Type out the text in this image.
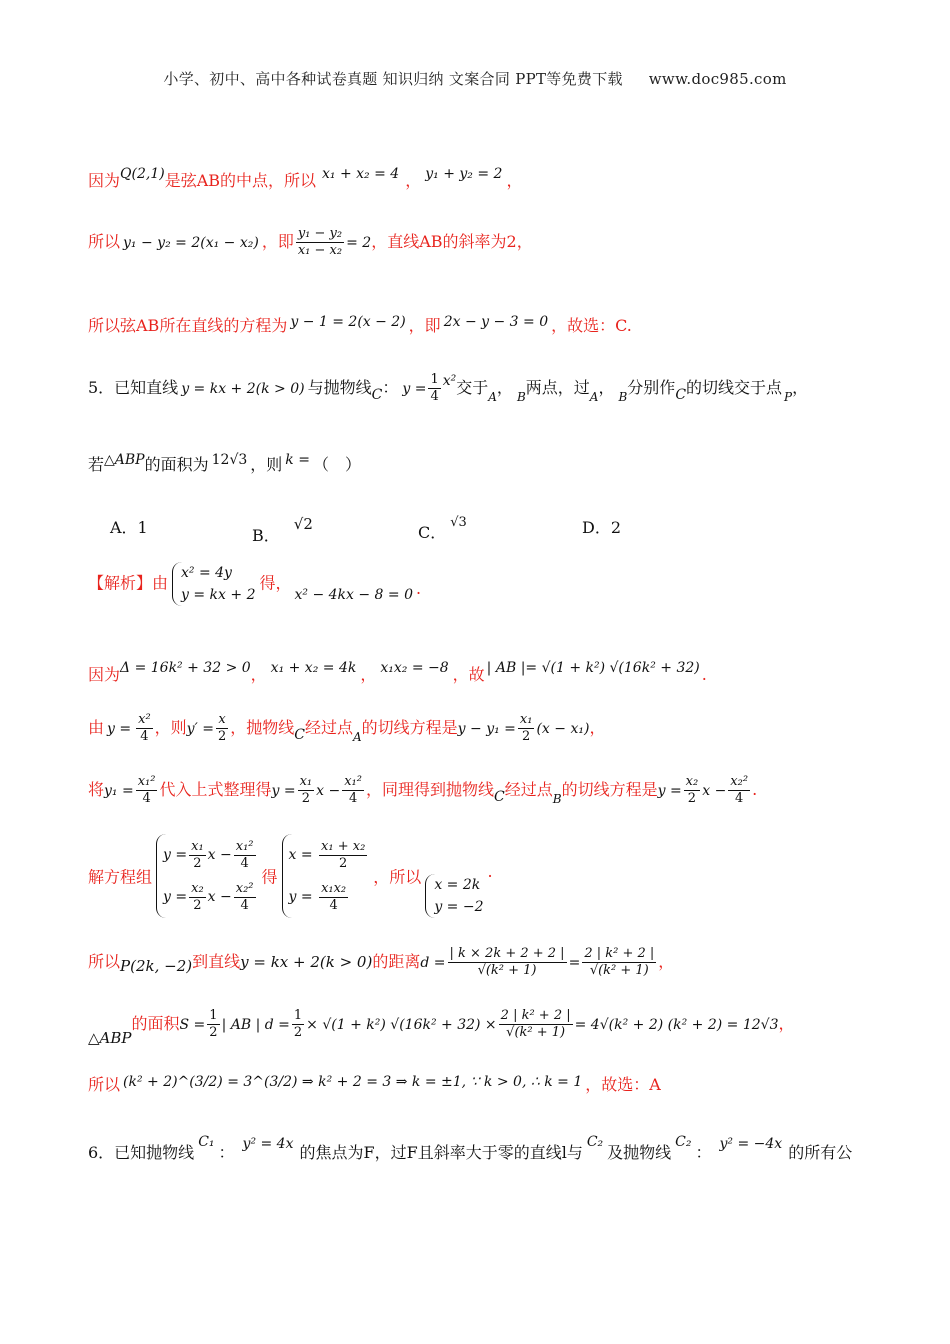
小学、初中、高中各种试卷真题 知识归纳 文案合同 PPT等免费下载 www.doc985.com
因为Q(2,1)是弦AB的中点，所以 x₁ + x₂ = 4 ， y₁ + y₂ = 2 ，
所以 y₁ − y₂ = 2(x₁ − x₂) ，即 $\frac{\text{y₁ − y₂}}{\text{x₁ − x₂}} = 2$，直线AB的斜率为2，
所以弦AB所在直线的方程为 y − 1 = 2(x − 2) ，即 2x − y − 3 = 0 ，故选：C.
5．已知直线 y = kx + 2(k > 0) 与抛物线C： $y = \frac{1}{4} x^2$交于$_A$， $_B$两点，过$_A$， $_B$分别作C的切线交于点 $_P$，
若△ABP的面积为 12√3 ，则 k = （　）
A．1	B．√2	C．$^{√3}$	D．2
【解析】由
x² = 4y
y = kx + 2
得，x² − 4kx − 8 = 0 ·
因为Δ = 16k² + 32 > 0， x₁ + x₂ = 4k ， x₁x₂ = −8 ，故 | AB |= √(1 + k²) √(16k² + 32) .
由 $y = \frac{\text{x²}}{4}$ ，则$y' = \frac{x}{2}$ ，抛物线C经过点$_A$的切线方程是$y - y_1 = \frac{\text{x₁}}{2} (x - x_1)$，
将$y_1 = \frac{\text{x₁²}}{4}$ 代入上式整理得$y = \frac{\text{x₁}}{2}$ $x - \frac{\text{x₁²}}{4}$ ，同理得到抛物线C经过点$_B$的切线方程是$y = \frac{\text{x₂}}{2}$ $x - \frac{\text{x₂²}}{4}$ .
解方程组
$y = \frac{\text{x₁}}{2}$ $x - \frac{\text{x₁²}}{4}$
$y = \frac{\text{x₂}}{2}$ $x - \frac{\text{x₂²}}{4}$
得
$x = \frac{\text{x₁ + x₂}}{2}$
$y = \frac{\text{x₁x₂}}{4}$
，所以 x = 2k
y = −2
·
所以P(2k, −2)到直线y = kx + 2(k > 0)的距离$d = \frac{| k \times 2k + 2 + 2 |}{\text{√(k² + 1)}} = \frac{\text{2 | k² + 2 |}}{\text{√(k² + 1)}}$ ，
△ABP的面积$S = \frac{1}{2}$ | AB | $d = \frac{1}{2} \times √(1 + k^2) √(16k^2 + 32) \times \frac{\text{2 | k² + 2 |}}{\text{√(k² + 1)}} = 4√(k^2 + 2) (k^2 + 2) = 12√3$，
所以 (k² + 2)^(3/2) = 3^(3/2) ⇒ k² + 2 = 3 ⇒ k = ±1, ∵ k > 0, ∴ k = 1 ，故选：A
6．已知抛物线C₁： y² = 4x 的焦点为F，过F且斜率大于零的直线l与C₂及抛物线C₂： y² = −4x 的所有公
